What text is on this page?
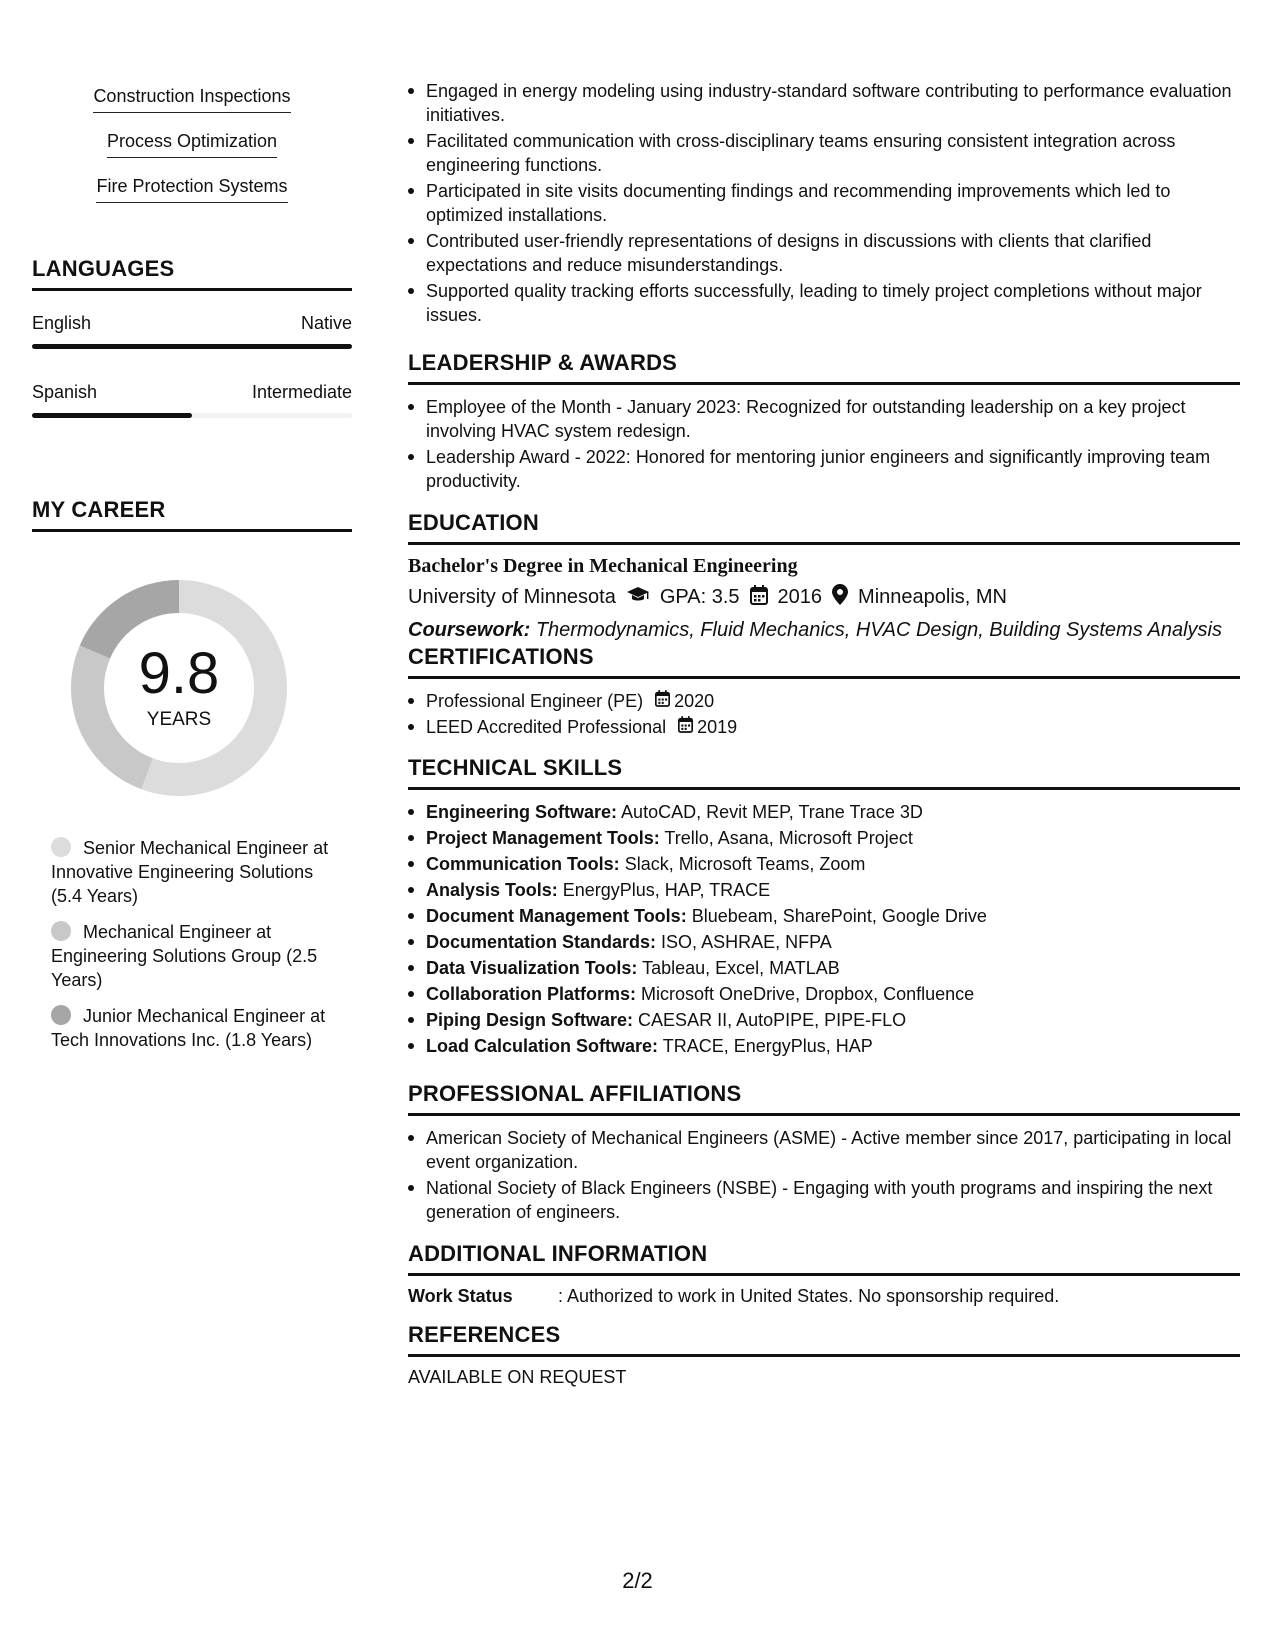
Construction Inspections
Process Optimization
Fire Protection Systems
LANGUAGES
English	Native
Spanish	Intermediate
MY CAREER
9.8
YEARS
Senior Mechanical Engineer at Innovative Engineering Solutions (5.4 Years)
Mechanical Engineer at Engineering Solutions Group (2.5 Years)
Junior Mechanical Engineer at Tech Innovations Inc. (1.8 Years)
Engaged in energy modeling using industry-standard software contributing to performance evaluation initiatives.
Facilitated communication with cross-disciplinary teams ensuring consistent integration across engineering functions.
Participated in site visits documenting findings and recommending improvements which led to optimized installations.
Contributed user-friendly representations of designs in discussions with clients that clarified expectations and reduce misunderstandings.
Supported quality tracking efforts successfully, leading to timely project completions without major issues.
LEADERSHIP & AWARDS
Employee of the Month - January 2023: Recognized for outstanding leadership on a key project involving HVAC system redesign.
Leadership Award - 2022: Honored for mentoring junior engineers and significantly improving team productivity.
EDUCATION
Bachelor's Degree in Mechanical Engineering
University of Minnesota GPA: 3.5 2016 Minneapolis, MN
Coursework: Thermodynamics, Fluid Mechanics, HVAC Design, Building Systems Analysis
CERTIFICATIONS
Professional Engineer (PE) 2020
LEED Accredited Professional 2019
TECHNICAL SKILLS
Engineering Software: AutoCAD, Revit MEP, Trane Trace 3D
Project Management Tools: Trello, Asana, Microsoft Project
Communication Tools: Slack, Microsoft Teams, Zoom
Analysis Tools: EnergyPlus, HAP, TRACE
Document Management Tools: Bluebeam, SharePoint, Google Drive
Documentation Standards: ISO, ASHRAE, NFPA
Data Visualization Tools: Tableau, Excel, MATLAB
Collaboration Platforms: Microsoft OneDrive, Dropbox, Confluence
Piping Design Software: CAESAR II, AutoPIPE, PIPE-FLO
Load Calculation Software: TRACE, EnergyPlus, HAP
PROFESSIONAL AFFILIATIONS
American Society of Mechanical Engineers (ASME) - Active member since 2017, participating in local event organization.
National Society of Black Engineers (NSBE) - Engaging with youth programs and inspiring the next generation of engineers.
ADDITIONAL INFORMATION
Work Status	: Authorized to work in United States. No sponsorship required.
REFERENCES
AVAILABLE ON REQUEST
2/2
